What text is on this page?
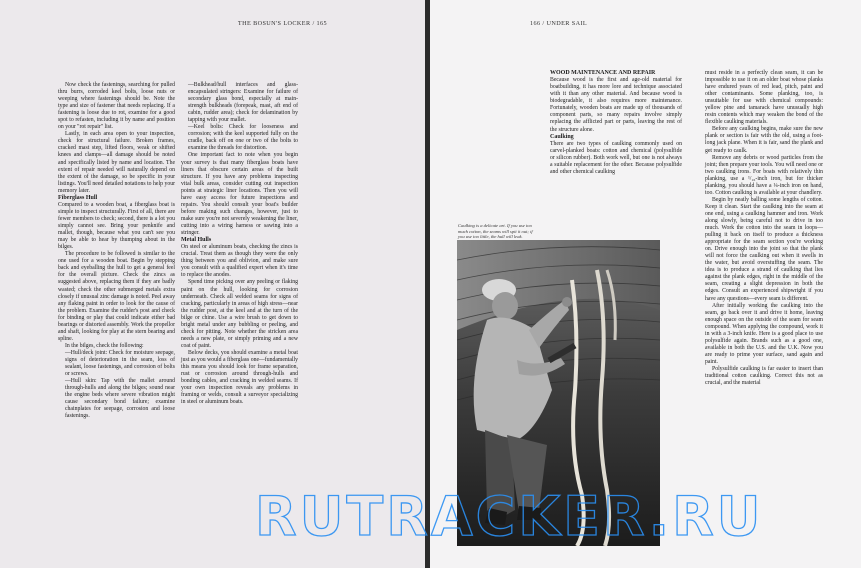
THE BOSUN'S LOCKER / 165

Now check the fastenings, searching for pulled thru burrs, corroded keel bolts, loose nuts or weeping where fastenings should be. Note the type and size of fastener that needs replacing. If a fastening is loose due to rot, examine for a good spot to refasten, including it by name and position on your "rot repair" list.

Lastly, in each area open to your inspection, check for structural failure. Broken frames, cracked mast step, lifted floors, weak or shifted knees and clamps—all damage should be noted and specifically listed by name and location. The extent of repair needed will naturally depend on the extent of the damage, so be specific in your listings. You'll need detailed notations to help your memory later.

Fiberglass Hull

Compared to a wooden boat, a fiberglass boat is simple to inspect structurally. First of all, there are fewer members to check; second, there is a lot you simply cannot see. Bring your penknife and mallet, though, because what you can't see you may be able to hear by thumping about in the bilges.

The procedure to be followed is similar to the one used for a wooden boat. Begin by stepping back and eyeballing the hull to get a general feel for the overall picture. Check the zincs as suggested above, replacing them if they are badly wasted; check the other submerged metals extra closely if unusual zinc damage is noted. Peel away any flaking paint in order to look for the cause of the problem. Examine the rudder's post and check for binding or play that could indicate either bad bearings or distorted assembly. Work the propellor and shaft, looking for play at the stern bearing and spline.

In the bilges, check the following:

—Hull/deck joint: Check for moisture seepage, signs of deterioration in the seam, loss of sealant, loose fastenings, and corrosion of bolts or screws.

—Hull skin: Tap with the mallet around through-hulls and along the bilges; sound near the engine beds where severe vibration might cause secondary bond failure; examine chainplates for seepage, corrosion and loose fastenings.

—Bulkhead/hull interfaces and glass-encapsulated stringers: Examine for failure of secondary glass bond, especially at main-strength bulkheads (forepeak, mast, aft end of cabin, rudder area); check for delamination by tapping with your mallet.

—Keel bolts: Check for looseness and corrosion; with the keel supported fully on the cradle, back off on one or two of the bolts to examine the threads for distortion.

One important fact to note when you begin your survey is that many fiberglass boats have liners that obscure certain areas of the built structure. If you have any problems inspecting vital bulk areas, consider cutting out inspection points at strategic liner locations. Then you will have easy access for future inspections and repairs. You should consult your boat's builder before making such changes, however, just to make sure you're not severely weakening the liner, cutting into a wiring harness or sawing into a stringer.

Metal Hulls

On steel or aluminum boats, checking the zincs is crucial. Treat them as though they were the only thing between you and oblivion, and make sure you consult with a qualified expert when it's time to replace the anodes.

Spend time picking over any peeling or flaking paint on the hull, looking for corrosion underneath. Check all welded seams for signs of cracking, particularly in areas of high stress—near the rudder post, at the keel and at the turn of the bilge or chine. Use a wire brush to get down to bright metal under any bubbling or peeling, and check for pitting. Note whether the stricken area needs a new plate, or simply priming and a new coat of paint.

Below decks, you should examine a metal boat just as you would a fiberglass one—fundamentally this means you should look for frame separation, rust or corrosion around through-hulls and bonding cables, and cracking in welded seams. If your own inspection reveals any problems in framing or welds, consult a surveyor specializing in steel or aluminum boats.

166 / UNDER SAIL
WOOD MAINTENANCE AND REPAIR

Because wood is the first and age-old material for boatbuilding, it has more lore and technique associated with it than any other material. And because wood is biodegradable, it also requires more maintenance. Fortunately, wooden boats are made up of thousands of component parts, so many repairs involve simply replacing the afflicted part or parts, leaving the rest of the structure alone.

Caulking

There are two types of caulking commonly used on carvel-planked boats: cotton and chemical (polysulfide or silicon rubber). Both work well, but one is not always a suitable replacement for the other. Because polysulfide and other chemical caulking

must reside in a perfectly clean seam, it can be impossible to use it on an older boat whose planks have endured years of red lead, pitch, paint and other contaminants. Some planking, too, is unsuitable for use with chemical compounds: yellow pine and tamarack have unusually high resin contents which may weaken the bond of the flexible caulking materials.

Before any caulking begins, make sure the new plank or section is fair with the old, using a foot-long jack plane. When it is fair, sand the plank and get ready to caulk.

Remove any debris or wood particles from the joint; then prepare your tools. You will need one or two caulking irons. For boats with relatively thin planking, use a ¹/₁₆-inch iron, but for thicker planking, you should have a ¼-inch iron on hand, too. Cotton caulking is available at your chandlery.

Begin by neatly balling some lengths of cotton. Keep it clean. Start the caulking into the seam at one end, using a caulking hammer and iron. Work along slowly, being careful not to drive in too much. Work the cotton into the seam in loops—pulling it back on itself to produce a thickness appropriate for the seam section you're working on. Drive enough into the joint so that the plank will not force the caulking out when it swells in the water, but avoid overstuffing the seam. The idea is to produce a strand of caulking that lies against the plank edges, right in the middle of the seam, creating a slight depression in both the edges. Consult an experienced shipwright if you have any questions—every seam is different.

After initially working the caulking into the seam, go back over it and drive it home, leaving enough space on the outside of the seam for seam compound. When applying the compound, work it in with a 3-inch knife. Here is a good place to use polysulfide again. Brands such as a good one, available in both the U.S. and the U.K. Now you are ready to prime your surface, sand again and paint.

Polysulfide caulking is far easier to insert than traditional cotton caulking. Correct this not as crucial, and the material

Caulking is a delicate art. If you use too much cotton, the seams will spit it out; if you use too little, the hull will leak.
RUTRACKER.RU
